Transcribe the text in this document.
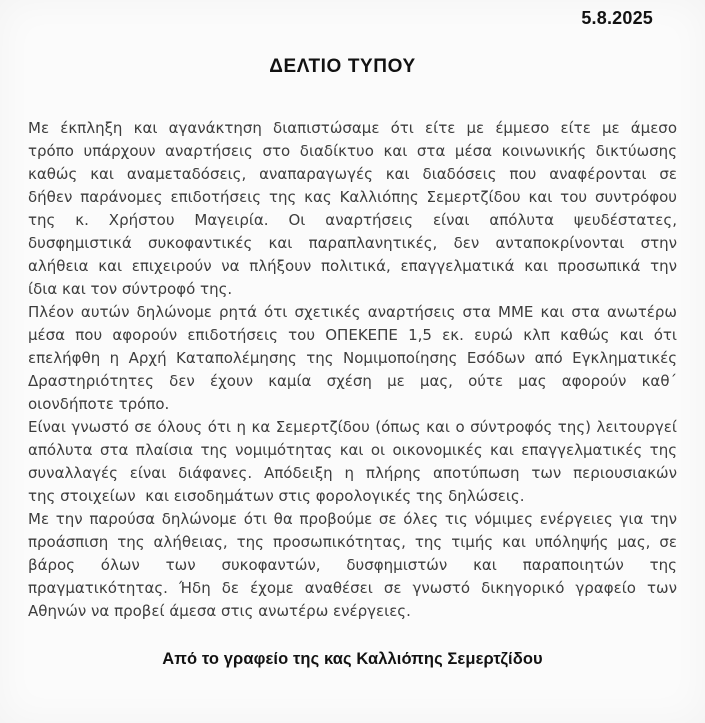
5.8.2025
ΔΕΛΤΙΟ ΤΥΠΟΥ

Με έκπληξη και αγανάκτηση διαπιστώσαμε ότι είτε με έμμεσο είτε με άμεσο
τρόπο υπάρχουν αναρτήσεις στο διαδίκτυο και στα μέσα κοινωνικής δικτύωσης
καθώς και αναμεταδόσεις, αναπαραγωγές και διαδόσεις που αναφέρονται σε
δήθεν παράνομες επιδοτήσεις της κας Καλλιόπης Σεμερτζίδου και του συντρόφου
της κ. Χρήστου Μαγειρία. Οι αναρτήσεις είναι απόλυτα ψευδέστατες,
δυσφημιστικά συκοφαντικές και παραπλανητικές, δεν ανταποκρίνονται στην
αλήθεια και επιχειρούν να πλήξουν πολιτικά, επαγγελματικά και προσωπικά την
ίδια και τον σύντροφό της.

Πλέον αυτών δηλώνομε ρητά ότι σχετικές αναρτήσεις στα ΜΜΕ και στα ανωτέρω
μέσα που αφορούν επιδοτήσεις του ΟΠΕΚΕΠΕ 1,5 εκ. ευρώ κλπ καθώς και ότι
επελήφθη η Αρχή Καταπολέμησης της Νομιμοποίησης Εσόδων από Εγκληματικές
Δραστηριότητες δεν έχουν καμία σχέση με μας, ούτε μας αφορούν καθ΄
οιονδήποτε τρόπο.

Είναι γνωστό σε όλους ότι η κα Σεμερτζίδου (όπως και ο σύντροφός της) λειτουργεί
απόλυτα στα πλαίσια της νομιμότητας και οι οικονομικές και επαγγελματικές της
συναλλαγές είναι διάφανες. Απόδειξη η πλήρης αποτύπωση των περιουσιακών
της στοιχείων  και εισοδημάτων στις φορολογικές της δηλώσεις.

Με την παρούσα δηλώνομε ότι θα προβούμε σε όλες τις νόμιμες ενέργειες για την
προάσπιση της αλήθειας, της προσωπικότητας, της τιμής και υπόληψής μας, σε
βάρος όλων των συκοφαντών, δυσφημιστών και παραποιητών της
πραγματικότητας. Ήδη δε έχομε αναθέσει σε γνωστό δικηγορικό γραφείο των
Αθηνών να προβεί άμεσα στις ανωτέρω ενέργειες.

Από το γραφείο της κας Καλλιόπης Σεμερτζίδου
